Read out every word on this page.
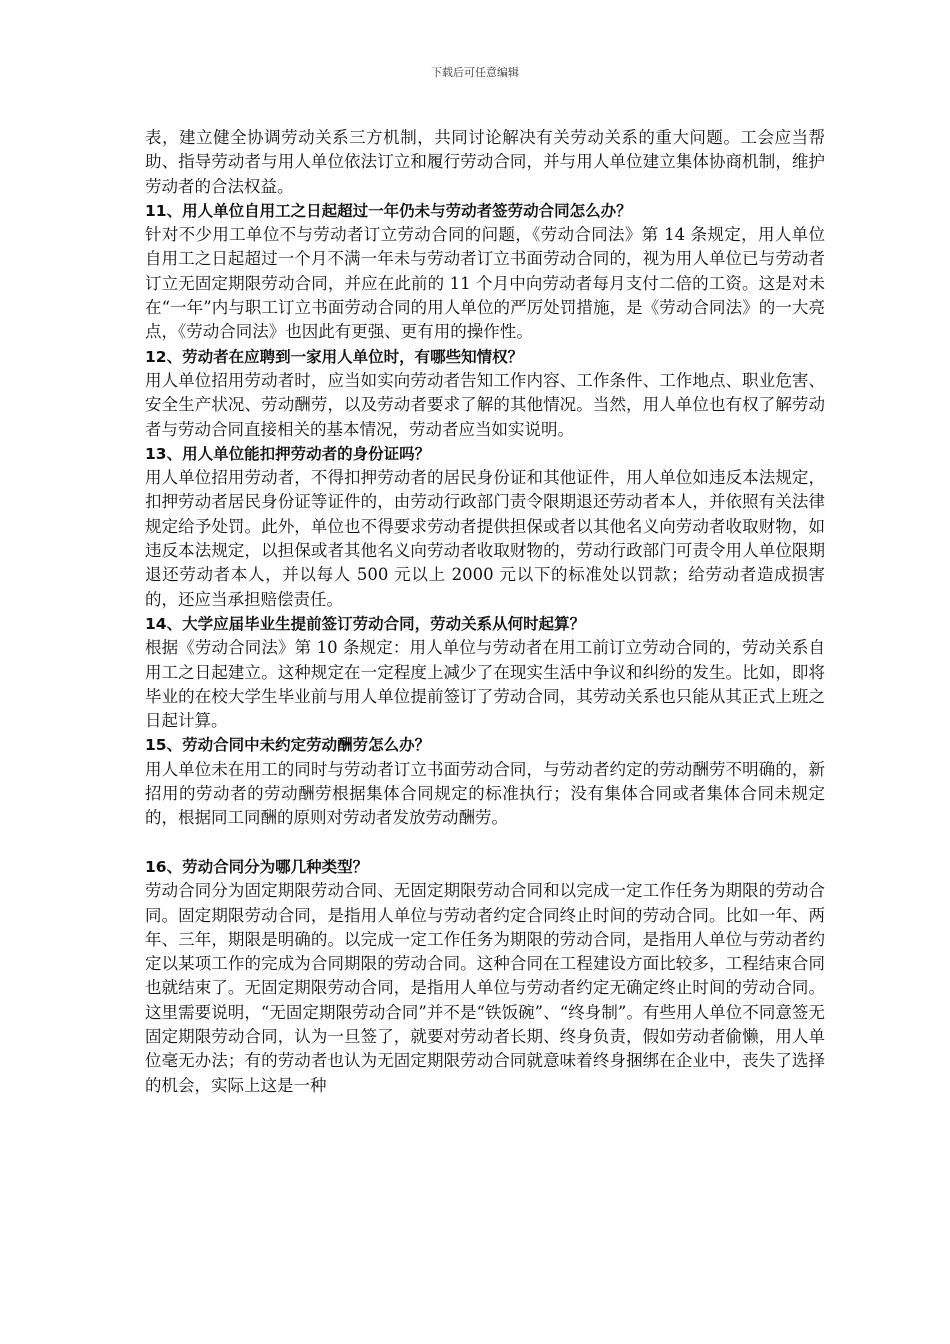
下载后可任意编辑

表，建立健全协调劳动关系三方机制，共同讨论解决有关劳动关系的重大问题。工会应当帮助、指导劳动者与用人单位依法订立和履行劳动合同，并与用人单位建立集体协商机制，维护劳动者的合法权益。

11、用人单位自用工之日起超过一年仍未与劳动者签劳动合同怎么办？

针对不少用工单位不与劳动者订立劳动合同的问题，《劳动合同法》第 14 条规定，用人单位自用工之日起超过一个月不满一年未与劳动者订立书面劳动合同的，视为用人单位已与劳动者订立无固定期限劳动合同，并应在此前的 11 个月中向劳动者每月支付二倍的工资。这是对未在“一年”内与职工订立书面劳动合同的用人单位的严厉处罚措施，是《劳动合同法》的一大亮点，《劳动合同法》也因此有更强、更有用的操作性。

12、劳动者在应聘到一家用人单位时，有哪些知情权？

用人单位招用劳动者时，应当如实向劳动者告知工作内容、工作条件、工作地点、职业危害、安全生产状况、劳动酬劳，以及劳动者要求了解的其他情况。当然，用人单位也有权了解劳动者与劳动合同直接相关的基本情况，劳动者应当如实说明。

13、用人单位能扣押劳动者的身份证吗？

用人单位招用劳动者，不得扣押劳动者的居民身份证和其他证件，用人单位如违反本法规定，扣押劳动者居民身份证等证件的，由劳动行政部门责令限期退还劳动者本人，并依照有关法律规定给予处罚。此外，单位也不得要求劳动者提供担保或者以其他名义向劳动者收取财物，如违反本法规定，以担保或者其他名义向劳动者收取财物的，劳动行政部门可责令用人单位限期退还劳动者本人，并以每人 500 元以上 2000 元以下的标准处以罚款；给劳动者造成损害的，还应当承担赔偿责任。

14、大学应届毕业生提前签订劳动合同，劳动关系从何时起算？

根据《劳动合同法》第 10 条规定：用人单位与劳动者在用工前订立劳动合同的，劳动关系自用工之日起建立。这种规定在一定程度上减少了在现实生活中争议和纠纷的发生。比如，即将毕业的在校大学生毕业前与用人单位提前签订了劳动合同，其劳动关系也只能从其正式上班之日起计算。

15、劳动合同中未约定劳动酬劳怎么办？

用人单位未在用工的同时与劳动者订立书面劳动合同，与劳动者约定的劳动酬劳不明确的，新招用的劳动者的劳动酬劳根据集体合同规定的标准执行；没有集体合同或者集体合同未规定的，根据同工同酬的原则对劳动者发放劳动酬劳。

16、劳动合同分为哪几种类型？

劳动合同分为固定期限劳动合同、无固定期限劳动合同和以完成一定工作任务为期限的劳动合同。固定期限劳动合同，是指用人单位与劳动者约定合同终止时间的劳动合同。比如一年、两年、三年，期限是明确的。以完成一定工作任务为期限的劳动合同，是指用人单位与劳动者约定以某项工作的完成为合同期限的劳动合同。这种合同在工程建设方面比较多，工程结束合同也就结束了。无固定期限劳动合同，是指用人单位与劳动者约定无确定终止时间的劳动合同。这里需要说明，“无固定期限劳动合同”并不是“铁饭碗”、“终身制”。有些用人单位不同意签无固定期限劳动合同，认为一旦签了，就要对劳动者长期、终身负责，假如劳动者偷懒，用人单位毫无办法；有的劳动者也认为无固定期限劳动合同就意味着终身捆绑在企业中，丧失了选择的机会，实际上这是一种
